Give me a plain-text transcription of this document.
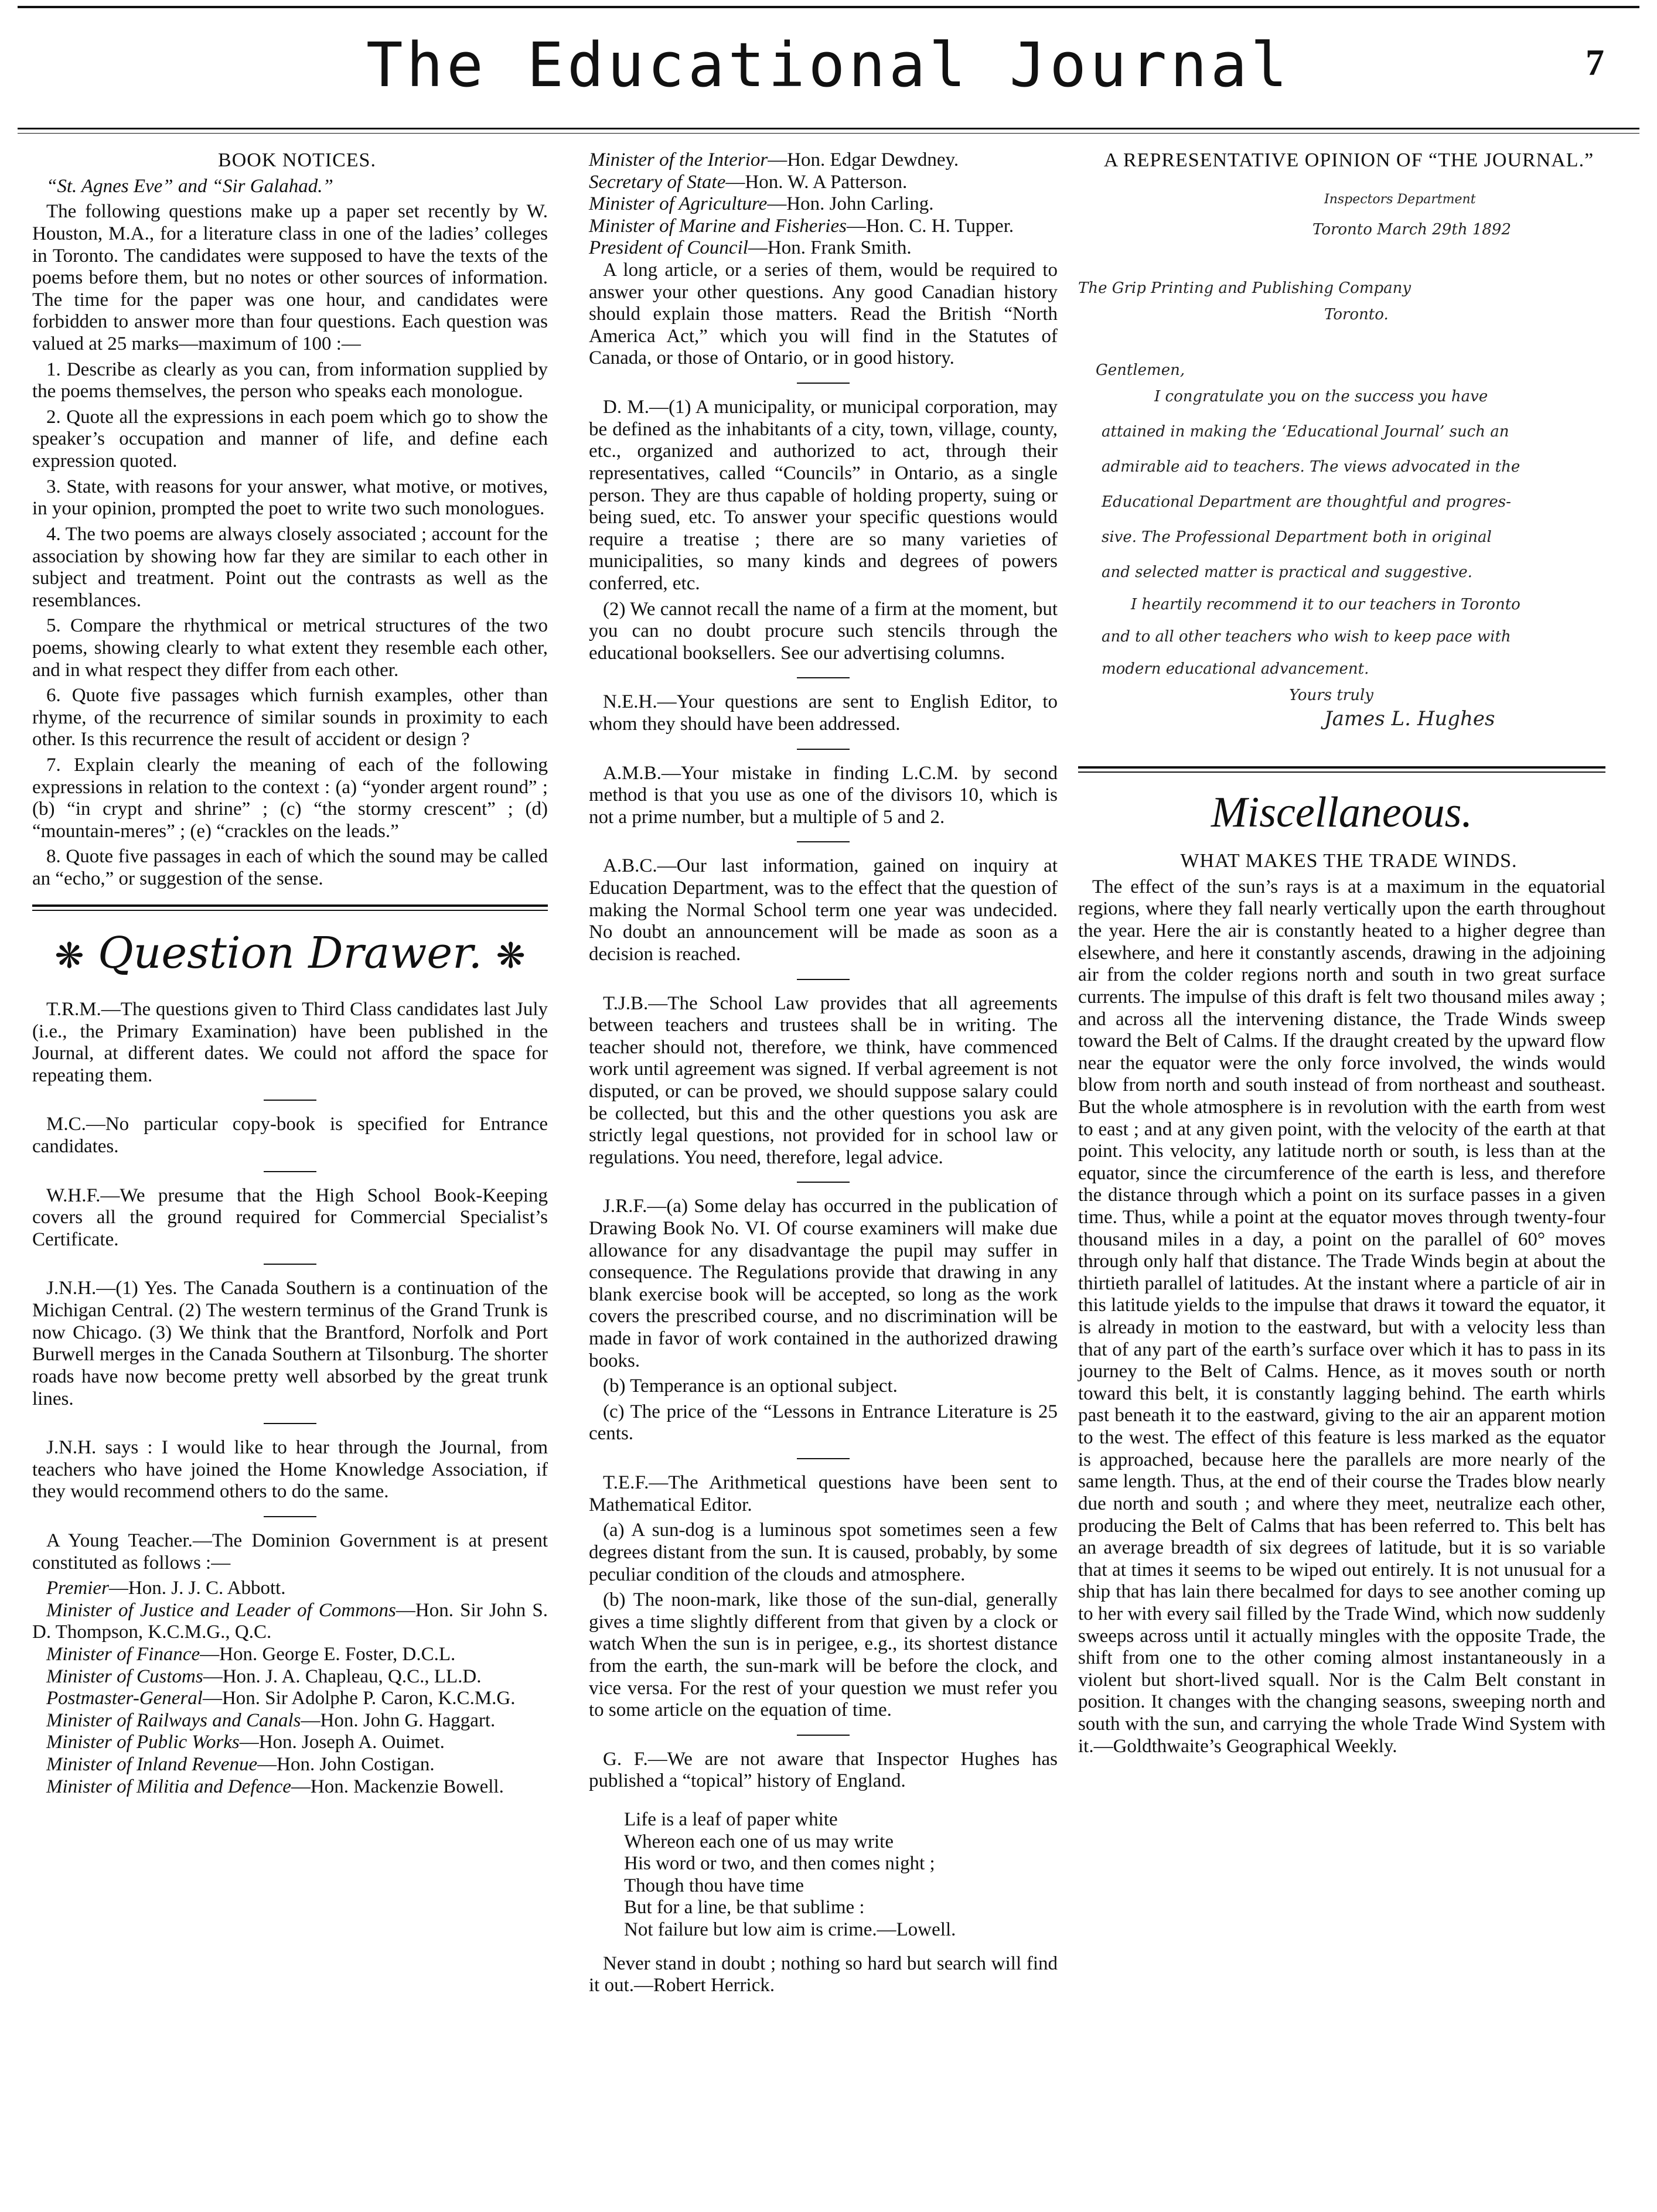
The Educational Journal	7

BOOK NOTICES.

“St. Agnes Eve” and “Sir Galahad.”

The following questions make up a paper set recently by W. Houston, M.A., for a literature class in one of the ladies’ colleges in Toronto. The candidates were supposed to have the texts of the poems before them, but no notes or other sources of information. The time for the paper was one hour, and candidates were forbidden to answer more than four questions. Each question was valued at 25 marks—maximum of 100 :—

1. Describe as clearly as you can, from information supplied by the poems themselves, the person who speaks each monologue.

2. Quote all the expressions in each poem which go to show the speaker’s occupation and manner of life, and define each expression quoted.

3. State, with reasons for your answer, what motive, or motives, in your opinion, prompted the poet to write two such monologues.

4. The two poems are always closely associated ; account for the association by showing how far they are similar to each other in subject and treatment. Point out the contrasts as well as the resemblances.

5. Compare the rhythmical or metrical structures of the two poems, showing clearly to what extent they resemble each other, and in what respect they differ from each other.

6. Quote five passages which furnish examples, other than rhyme, of the recurrence of similar sounds in proximity to each other. Is this recurrence the result of accident or design ?

7. Explain clearly the meaning of each of the following expressions in relation to the context : (a) “yonder argent round” ; (b) “in crypt and shrine” ; (c) “the stormy crescent” ; (d) “mountain-meres” ; (e) “crackles on the leads.”

8. Quote five passages in each of which the sound may be called an “echo,” or suggestion of the sense.

❋ Question Drawer. ❋

T.R.M.—The questions given to Third Class candidates last July (i.e., the Primary Examination) have been published in the Journal, at different dates. We could not afford the space for repeating them.

M.C.—No particular copy-book is specified for Entrance candidates.

W.H.F.—We presume that the High School Book-Keeping covers all the ground required for Commercial Specialist’s Certificate.

J.N.H.—(1) Yes. The Canada Southern is a continuation of the Michigan Central. (2) The western terminus of the Grand Trunk is now Chicago. (3) We think that the Brantford, Norfolk and Port Burwell merges in the Canada Southern at Tilsonburg. The shorter roads have now become pretty well absorbed by the great trunk lines.

J.N.H. says : I would like to hear through the Journal, from teachers who have joined the Home Knowledge Association, if they would recommend others to do the same.

A Young Teacher.—The Dominion Government is at present constituted as follows :—

Premier—Hon. J. J. C. Abbott.

Minister of Justice and Leader of Commons—Hon. Sir John S. D. Thompson, K.C.M.G., Q.C.

Minister of Finance—Hon. George E. Foster, D.C.L.

Minister of Customs—Hon. J. A. Chapleau, Q.C., LL.D.

Postmaster-General—Hon. Sir Adolphe P. Caron, K.C.M.G.

Minister of Railways and Canals—Hon. John G. Haggart.

Minister of Public Works—Hon. Joseph A. Ouimet.

Minister of Inland Revenue—Hon. John Costigan.

Minister of Militia and Defence—Hon. Mackenzie Bowell.

Minister of the Interior—Hon. Edgar Dewdney.

Secretary of State—Hon. W. A Patterson.

Minister of Agriculture—Hon. John Carling.

Minister of Marine and Fisheries—Hon. C. H. Tupper.

President of Council—Hon. Frank Smith.

A long article, or a series of them, would be required to answer your other questions. Any good Canadian history should explain those matters. Read the British “North America Act,” which you will find in the Statutes of Canada, or those of Ontario, or in good history.

D. M.—(1) A municipality, or municipal corporation, may be defined as the inhabitants of a city, town, village, county, etc., organized and authorized to act, through their representatives, called “Councils” in Ontario, as a single person. They are thus capable of holding property, suing or being sued, etc. To answer your specific questions would require a treatise ; there are so many varieties of municipalities, so many kinds and degrees of powers conferred, etc.

(2) We cannot recall the name of a firm at the moment, but you can no doubt procure such stencils through the educational booksellers. See our advertising columns.

N.E.H.—Your questions are sent to English Editor, to whom they should have been addressed.

A.M.B.—Your mistake in finding L.C.M. by second method is that you use as one of the divisors 10, which is not a prime number, but a multiple of 5 and 2.

A.B.C.—Our last information, gained on inquiry at Education Department, was to the effect that the question of making the Normal School term one year was undecided. No doubt an announcement will be made as soon as a decision is reached.

T.J.B.—The School Law provides that all agreements between teachers and trustees shall be in writing. The teacher should not, therefore, we think, have commenced work until agreement was signed. If verbal agreement is not disputed, or can be proved, we should suppose salary could be collected, but this and the other questions you ask are strictly legal questions, not provided for in school law or regulations. You need, therefore, legal advice.

J.R.F.—(a) Some delay has occurred in the publication of Drawing Book No. VI. Of course examiners will make due allowance for any disadvantage the pupil may suffer in consequence. The Regulations provide that drawing in any blank exercise book will be accepted, so long as the work covers the prescribed course, and no discrimination will be made in favor of work contained in the authorized drawing books.

(b) Temperance is an optional subject.

(c) The price of the “Lessons in Entrance Literature is 25 cents.

T.E.F.—The Arithmetical questions have been sent to Mathematical Editor.

(a) A sun-dog is a luminous spot sometimes seen a few degrees distant from the sun. It is caused, probably, by some peculiar condition of the clouds and atmosphere.

(b) The noon-mark, like those of the sun-dial, generally gives a time slightly different from that given by a clock or watch When the sun is in perigee, e.g., its shortest distance from the earth, the sun-mark will be before the clock, and vice versa. For the rest of your question we must refer you to some article on the equation of time.

G. F.—We are not aware that Inspector Hughes has published a “topical” history of England.

Life is a leaf of paper white
Whereon each one of us may write
His word or two, and then comes night ;
Though thou have time
But for a line, be that sublime :
Not failure but low aim is crime.—Lowell.

Never stand in doubt ; nothing so hard but search will find it out.—Robert Herrick.

A REPRESENTATIVE OPINION OF “THE JOURNAL.”

Inspectors Department
Toronto March 29th 1892
The Grip Printing and Publishing Company
Toronto.
Gentlemen,
I congratulate you on the success you have
attained in making the ‘Educational Journal’ such an
admirable aid to teachers. The views advocated in the
Educational Department are thoughtful and progres-
sive. The Professional Department both in original
and selected matter is practical and suggestive.
I heartily recommend it to our teachers in Toronto
and to all other teachers who wish to keep pace with
modern educational advancement.
Yours truly
James L. Hughes
Miscellaneous.

WHAT MAKES THE TRADE WINDS.

The effect of the sun’s rays is at a maximum in the equatorial regions, where they fall nearly vertically upon the earth throughout the year. Here the air is constantly heated to a higher degree than elsewhere, and here it constantly ascends, drawing in the adjoining air from the colder regions north and south in two great surface currents. The impulse of this draft is felt two thousand miles away ; and across all the intervening distance, the Trade Winds sweep toward the Belt of Calms. If the draught created by the upward flow near the equator were the only force involved, the winds would blow from north and south instead of from northeast and southeast. But the whole atmosphere is in revolution with the earth from west to east ; and at any given point, with the velocity of the earth at that point. This velocity, any latitude north or south, is less than at the equator, since the circumference of the earth is less, and therefore the distance through which a point on its surface passes in a given time. Thus, while a point at the equator moves through twenty-four thousand miles in a day, a point on the parallel of 60° moves through only half that distance. The Trade Winds begin at about the thirtieth parallel of latitudes. At the instant where a particle of air in this latitude yields to the impulse that draws it toward the equator, it is already in motion to the eastward, but with a velocity less than that of any part of the earth’s surface over which it has to pass in its journey to the Belt of Calms. Hence, as it moves south or north toward this belt, it is constantly lagging behind. The earth whirls past beneath it to the eastward, giving to the air an apparent motion to the west. The effect of this feature is less marked as the equator is approached, because here the parallels are more nearly of the same length. Thus, at the end of their course the Trades blow nearly due north and south ; and where they meet, neutralize each other, producing the Belt of Calms that has been referred to. This belt has an average breadth of six degrees of latitude, but it is so variable that at times it seems to be wiped out entirely. It is not unusual for a ship that has lain there becalmed for days to see another coming up to her with every sail filled by the Trade Wind, which now suddenly sweeps across until it actually mingles with the opposite Trade, the shift from one to the other coming almost instantaneously in a violent but short-lived squall. Nor is the Calm Belt constant in position. It changes with the changing seasons, sweeping north and south with the sun, and carrying the whole Trade Wind System with it.—Goldthwaite’s Geographical Weekly.
